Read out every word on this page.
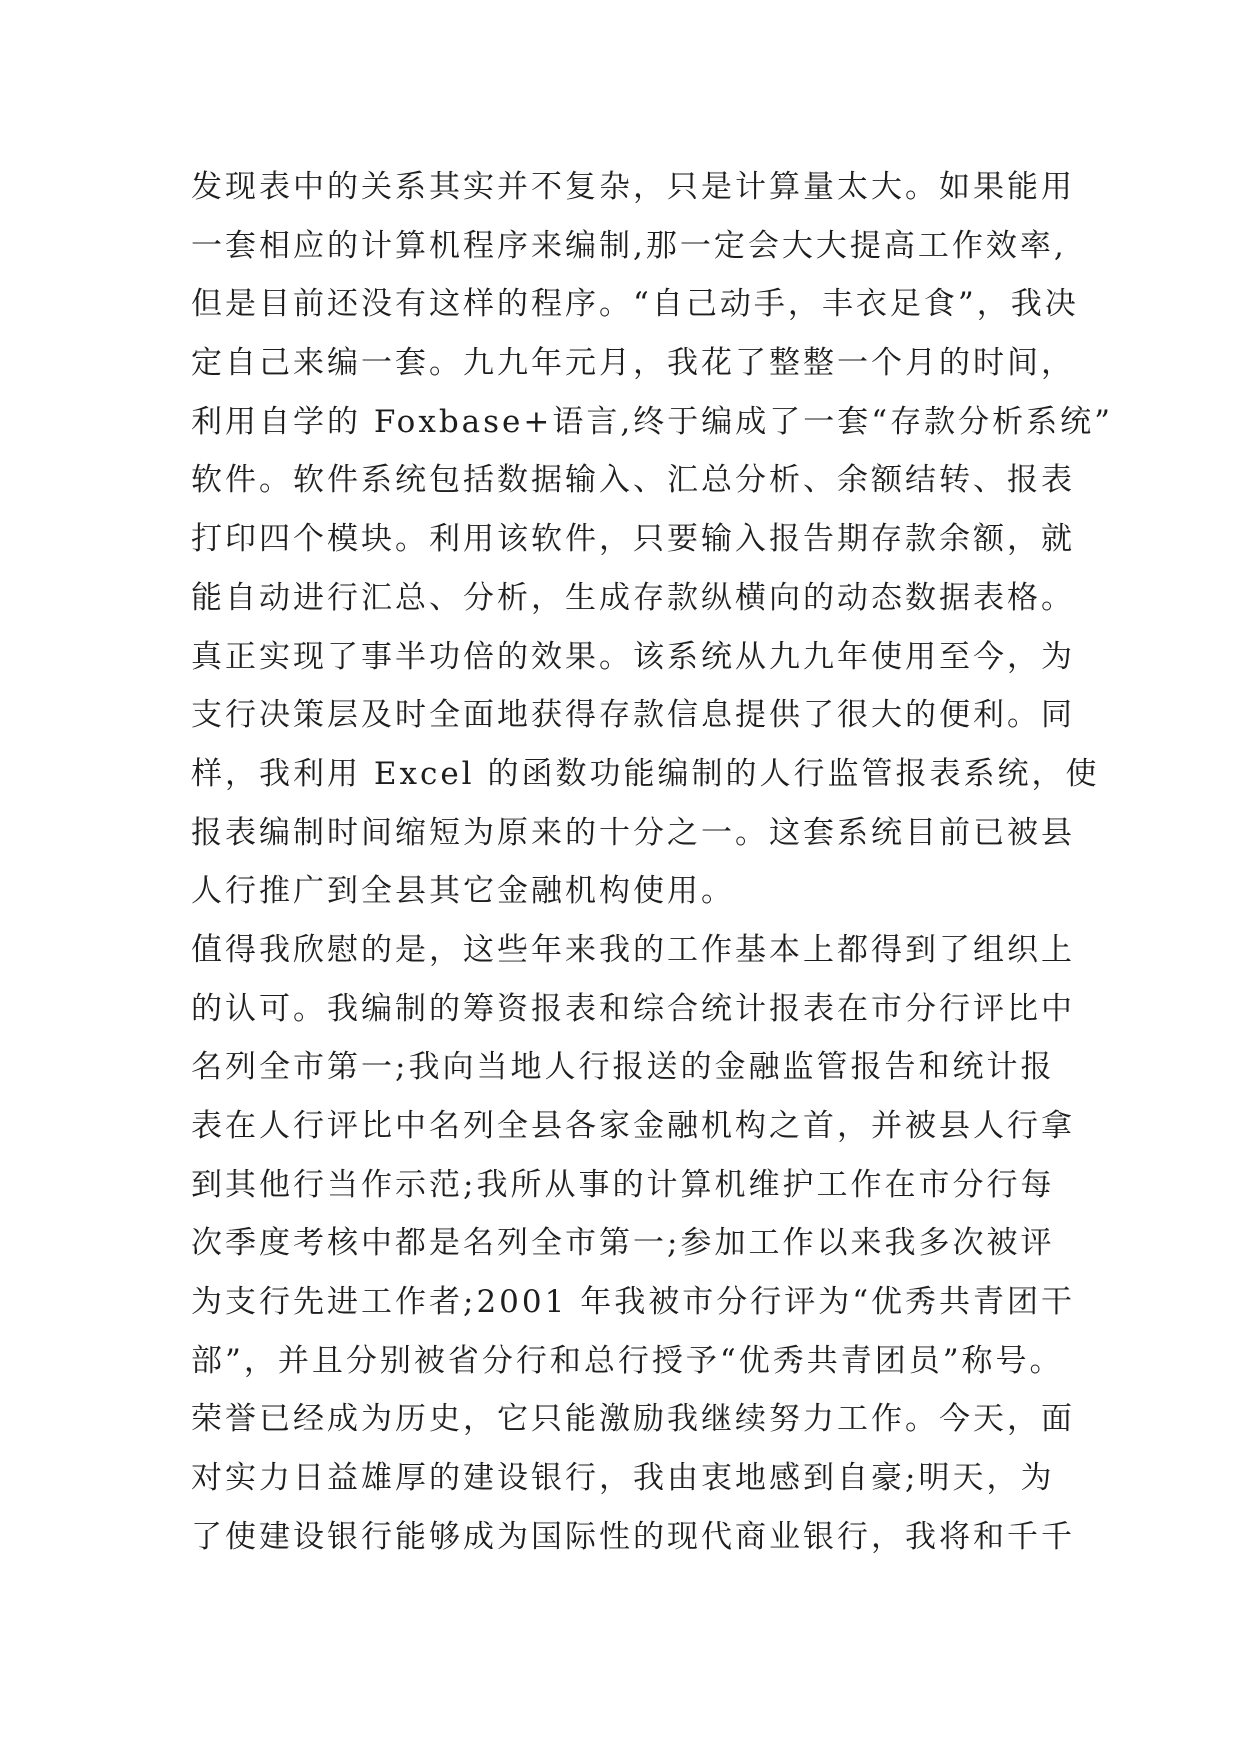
发现表中的关系其实并不复杂，只是计算量太大。如果能用
一套相应的计算机程序来编制,那一定会大大提高工作效率,
但是目前还没有这样的程序。“自己动手，丰衣足食”，我决
定自己来编一套。九九年元月，我花了整整一个月的时间，
利用自学的 Foxbase+语言,终于编成了一套“存款分析系统”
软件。软件系统包括数据输入、汇总分析、余额结转、报表
打印四个模块。利用该软件，只要输入报告期存款余额，就
能自动进行汇总、分析，生成存款纵横向的动态数据表格。
真正实现了事半功倍的效果。该系统从九九年使用至今，为
支行决策层及时全面地获得存款信息提供了很大的便利。同
样，我利用 Excel 的函数功能编制的人行监管报表系统，使
报表编制时间缩短为原来的十分之一。这套系统目前已被县
人行推广到全县其它金融机构使用。
值得我欣慰的是，这些年来我的工作基本上都得到了组织上
的认可。我编制的筹资报表和综合统计报表在市分行评比中
名列全市第一;我向当地人行报送的金融监管报告和统计报
表在人行评比中名列全县各家金融机构之首，并被县人行拿
到其他行当作示范;我所从事的计算机维护工作在市分行每
次季度考核中都是名列全市第一;参加工作以来我多次被评
为支行先进工作者;2001 年我被市分行评为“优秀共青团干
部”，并且分别被省分行和总行授予“优秀共青团员”称号。
荣誉已经成为历史，它只能激励我继续努力工作。今天，面
对实力日益雄厚的建设银行，我由衷地感到自豪;明天，为
了使建设银行能够成为国际性的现代商业银行，我将和千千
